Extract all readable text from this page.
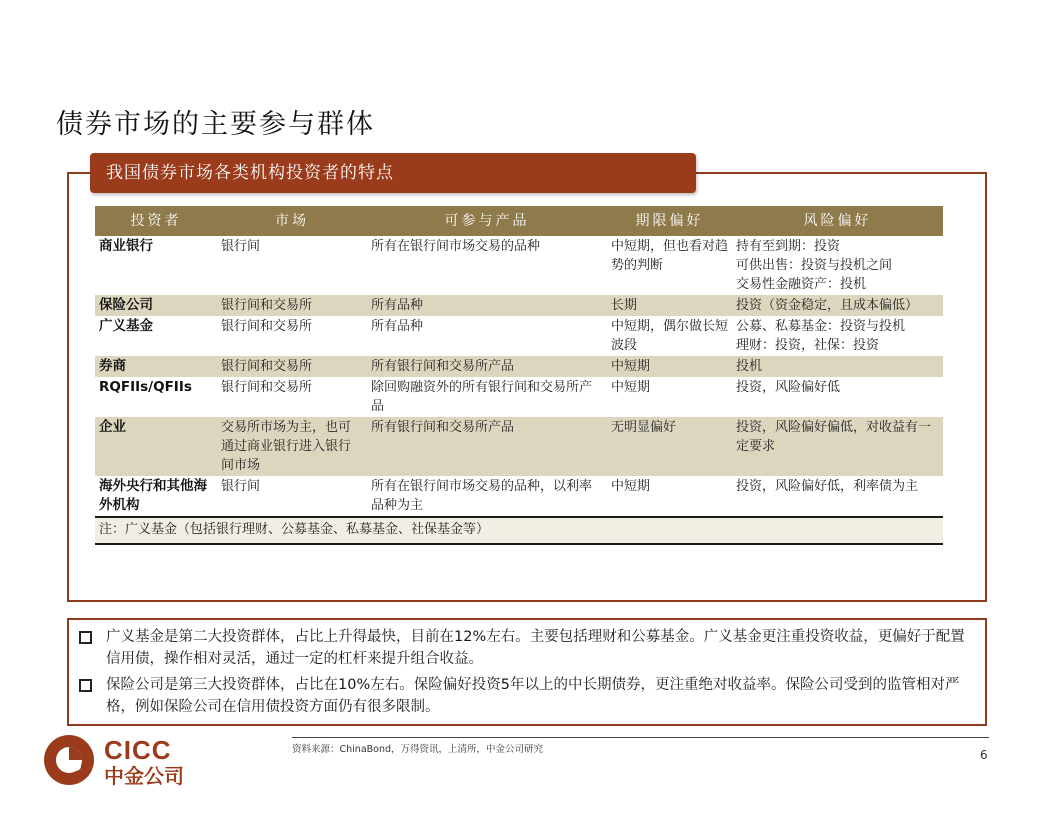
债券市场的主要参与群体
我国债券市场各类机构投资者的特点
投资者	市场	可参与产品	期限偏好	风险偏好
商业银行	银行间	所有在银行间市场交易的品种	中短期，但也看对趋势的判断	持有至到期：投资
可供出售：投资与投机之间
交易性金融资产：投机
保险公司	银行间和交易所	所有品种	长期	投资（资金稳定，且成本偏低）
广义基金	银行间和交易所	所有品种	中短期，偶尔做长短波段	公募、私募基金：投资与投机
理财：投资，社保：投资
券商	银行间和交易所	所有银行间和交易所产品	中短期	投机
RQFIIs/QFIIs	银行间和交易所	除回购融资外的所有银行间和交易所产品	中短期	投资，风险偏好低
企业	交易所市场为主，也可通过商业银行进入银行间市场	所有银行间和交易所产品	无明显偏好	投资，风险偏好偏低，对收益有一定要求
海外央行和其他海外机构	银行间	所有在银行间市场交易的品种，以利率品种为主	中短期	投资，风险偏好低，利率债为主
注：广义基金（包括银行理财、公募基金、私募基金、社保基金等）				
广义基金是第二大投资群体，占比上升得最快，目前在12%左右。主要包括理财和公募基金。广义基金更注重投资收益，更偏好于配置信用债，操作相对灵活，通过一定的杠杆来提升组合收益。
保险公司是第三大投资群体，占比在10%左右。保险偏好投资5年以上的中长期债券，更注重绝对收益率。保险公司受到的监管相对严格，例如保险公司在信用债投资方面仍有很多限制。
CICC
中金公司
资料来源：ChinaBond，万得资讯，上清所，中金公司研究	6
